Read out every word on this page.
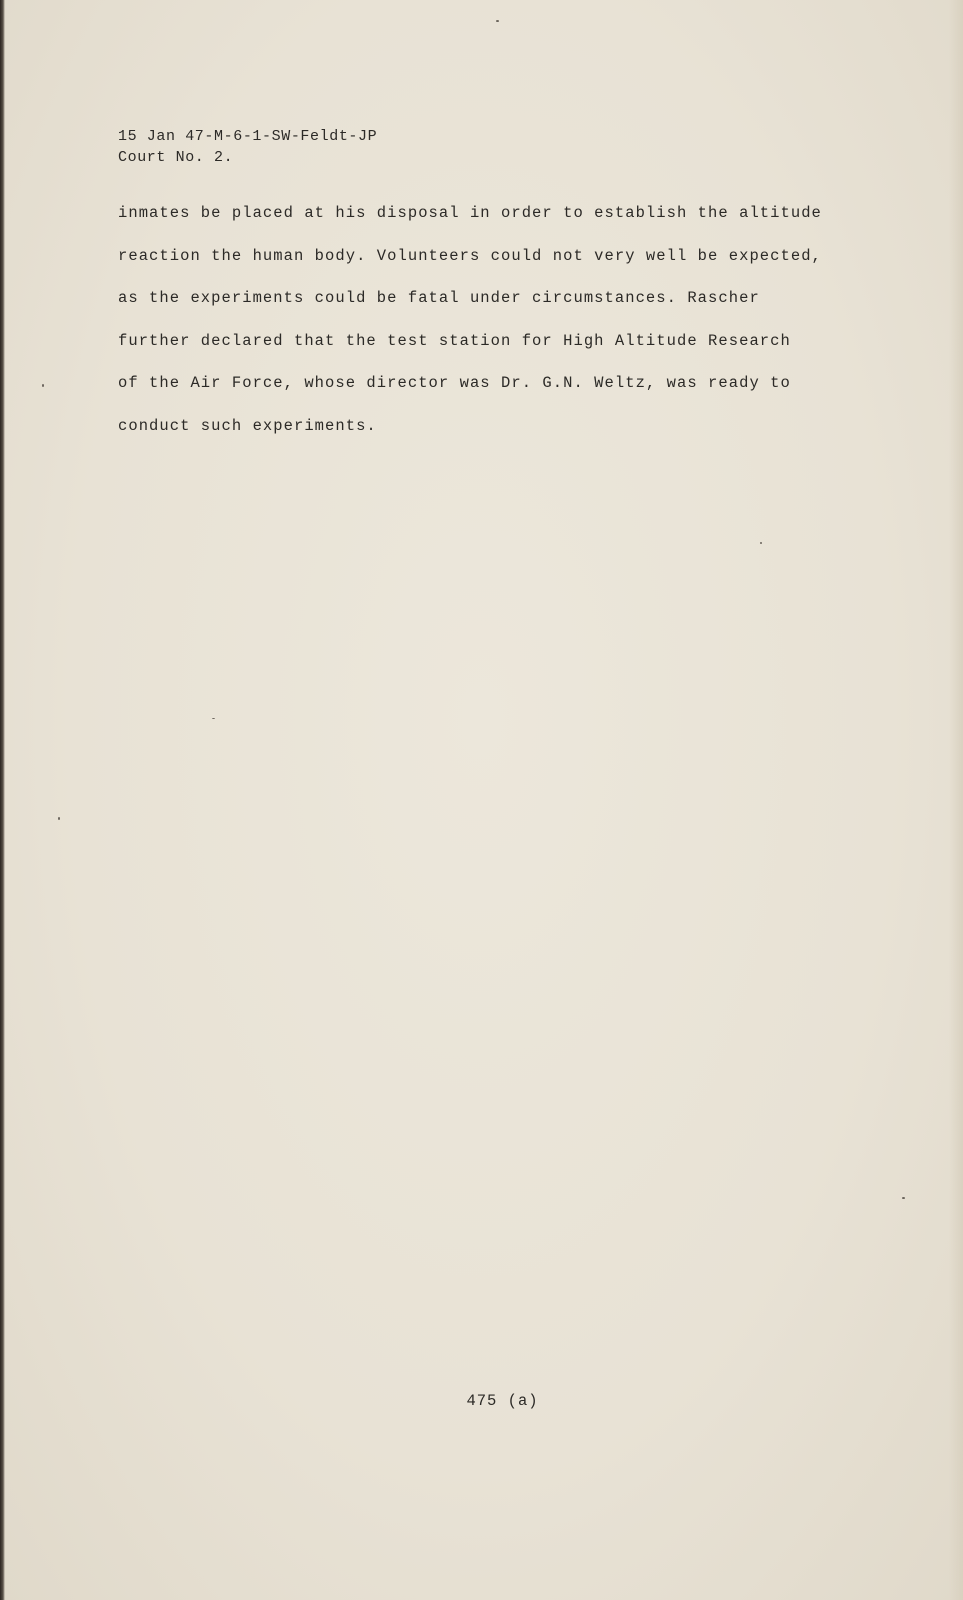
15 Jan 47-M-6-1-SW-Feldt-JP
Court No. 2.
inmates be placed at his disposal in order to establish the altitude
reaction the human body. Volunteers could not very well be expected,
as the experiments could be fatal under circumstances. Rascher
further declared that the test station for High Altitude Research
of the Air Force, whose director was Dr. G.N. Weltz, was ready to
conduct such experiments.
475 (a)
